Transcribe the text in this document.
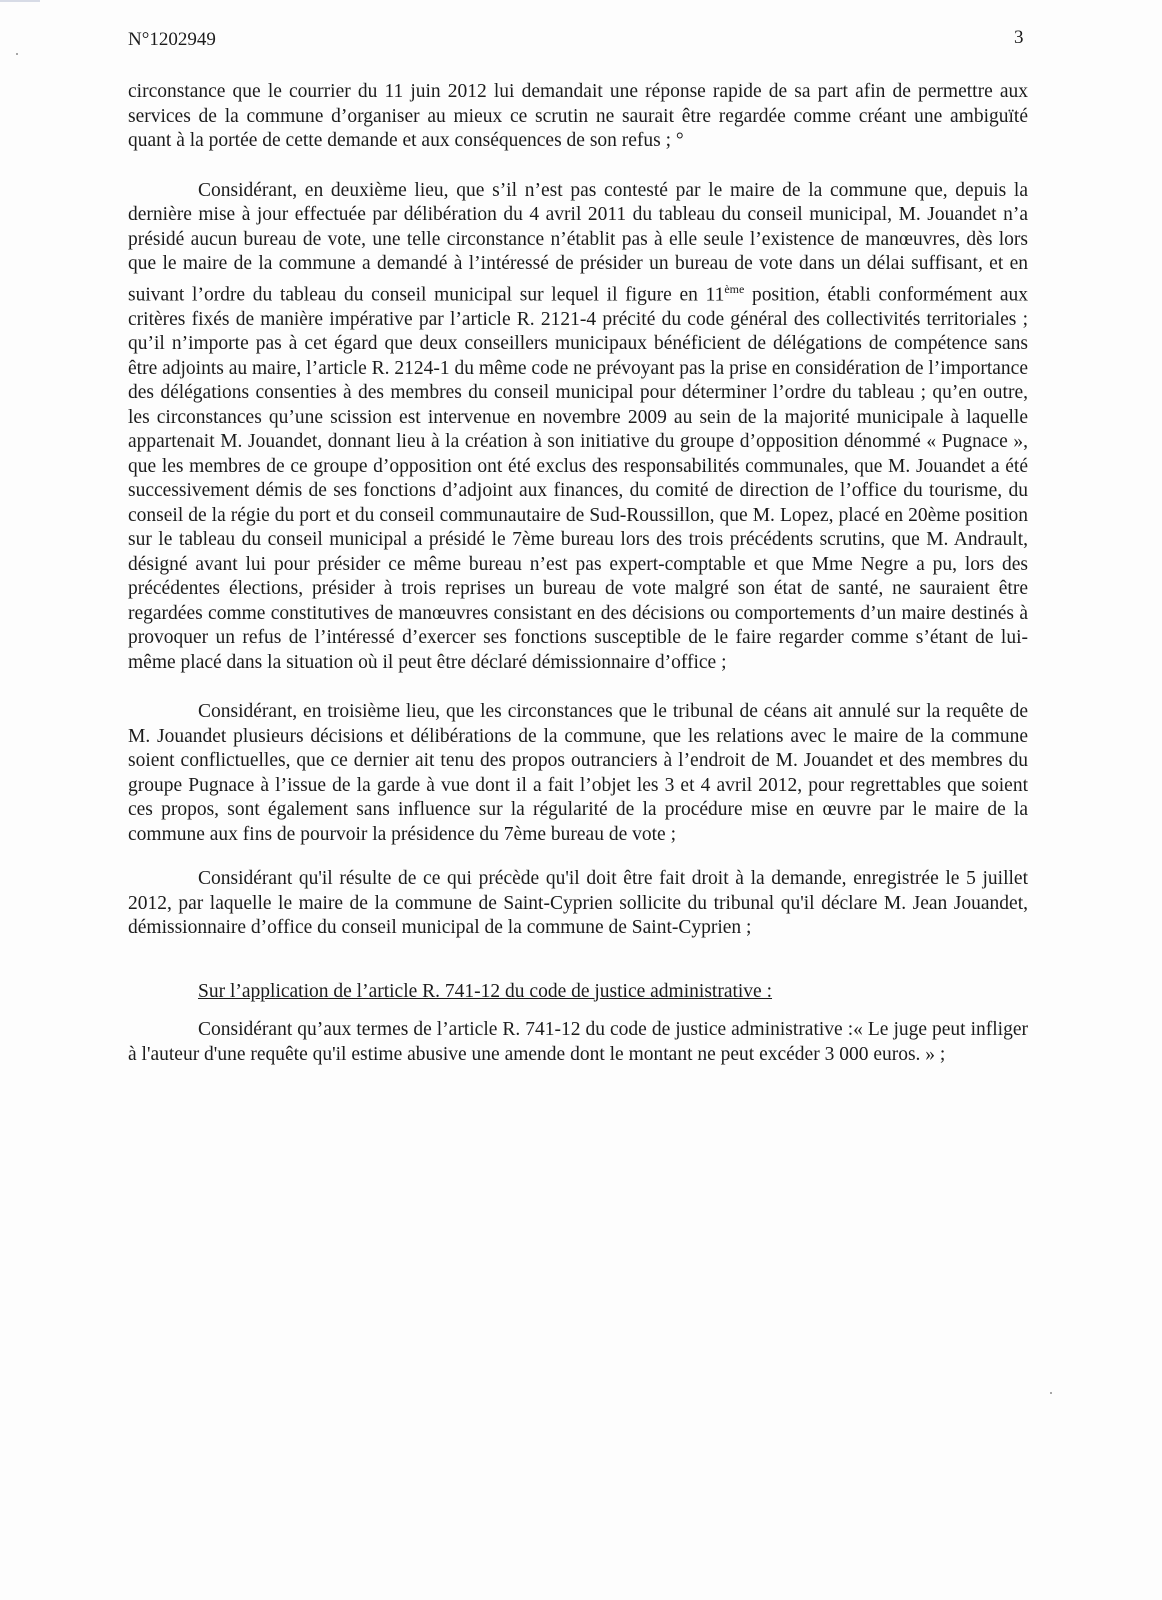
N°1202949	3

circonstance que le courrier du 11 juin 2012 lui demandait une réponse rapide de sa part afin de permettre aux services de la commune d’organiser au mieux ce scrutin ne saurait être regardée comme créant une ambiguïté quant à la portée de cette demande et aux conséquences de son refus ; °

Considérant, en deuxième lieu, que s’il n’est pas contesté par le maire de la commune que, depuis la dernière mise à jour effectuée par délibération du 4 avril 2011 du tableau du conseil municipal, M. Jouandet n’a présidé aucun bureau de vote, une telle circonstance n’établit pas à elle seule l’existence de manœuvres, dès lors que le maire de la commune a demandé à l’intéressé de présider un bureau de vote dans un délai suffisant, et en suivant l’ordre du tableau du conseil municipal sur lequel il figure en 11ème position, établi conformément aux critères fixés de manière impérative par l’article R. 2121-4 précité du code général des collectivités territoriales ; qu’il n’importe pas à cet égard que deux conseillers municipaux bénéficient de délégations de compétence sans être adjoints au maire, l’article R. 2124-1 du même code ne prévoyant pas la prise en considération de l’importance des délégations consenties à des membres du conseil municipal pour déterminer l’ordre du tableau ; qu’en outre, les circonstances qu’une scission est intervenue en novembre 2009 au sein de la majorité municipale à laquelle appartenait M. Jouandet, donnant lieu à la création à son initiative du groupe d’opposition dénommé « Pugnace », que les membres de ce groupe d’opposition ont été exclus des responsabilités communales, que M. Jouandet a été successivement démis de ses fonctions d’adjoint aux finances, du comité de direction de l’office du tourisme, du conseil de la régie du port et du conseil communautaire de Sud-Roussillon, que M. Lopez, placé en 20ème position sur le tableau du conseil municipal a présidé le 7ème bureau lors des trois précédents scrutins, que M. Andrault, désigné avant lui pour présider ce même bureau n’est pas expert-comptable et que Mme Negre a pu, lors des précédentes élections, présider à trois reprises un bureau de vote malgré son état de santé, ne sauraient être regardées comme constitutives de manœuvres consistant en des décisions ou comportements d’un maire destinés à provoquer un refus de l’intéressé d’exercer ses fonctions susceptible de le faire regarder comme s’étant de lui-même placé dans la situation où il peut être déclaré démissionnaire d’office ;

Considérant, en troisième lieu, que les circonstances que le tribunal de céans ait annulé sur la requête de M. Jouandet plusieurs décisions et délibérations de la commune, que les relations avec le maire de la commune soient conflictuelles, que ce dernier ait tenu des propos outranciers à l’endroit de M. Jouandet et des membres du groupe Pugnace à l’issue de la garde à vue dont il a fait l’objet les 3 et 4 avril 2012, pour regrettables que soient ces propos, sont également sans influence sur la régularité de la procédure mise en œuvre par le maire de la commune aux fins de pourvoir la présidence du 7ème bureau de vote ;

Considérant qu'il résulte de ce qui précède qu'il doit être fait droit à la demande, enregistrée le 5 juillet 2012, par laquelle le maire de la commune de Saint-Cyprien sollicite du tribunal qu'il déclare M. Jean Jouandet, démissionnaire d’office du conseil municipal de la commune de Saint-Cyprien ;

Sur l’application de l’article R. 741-12 du code de justice administrative :

Considérant qu’aux termes de l’article R. 741-12 du code de justice administrative :« Le juge peut infliger à l'auteur d'une requête qu'il estime abusive une amende dont le montant ne peut excéder 3 000 euros. » ;
